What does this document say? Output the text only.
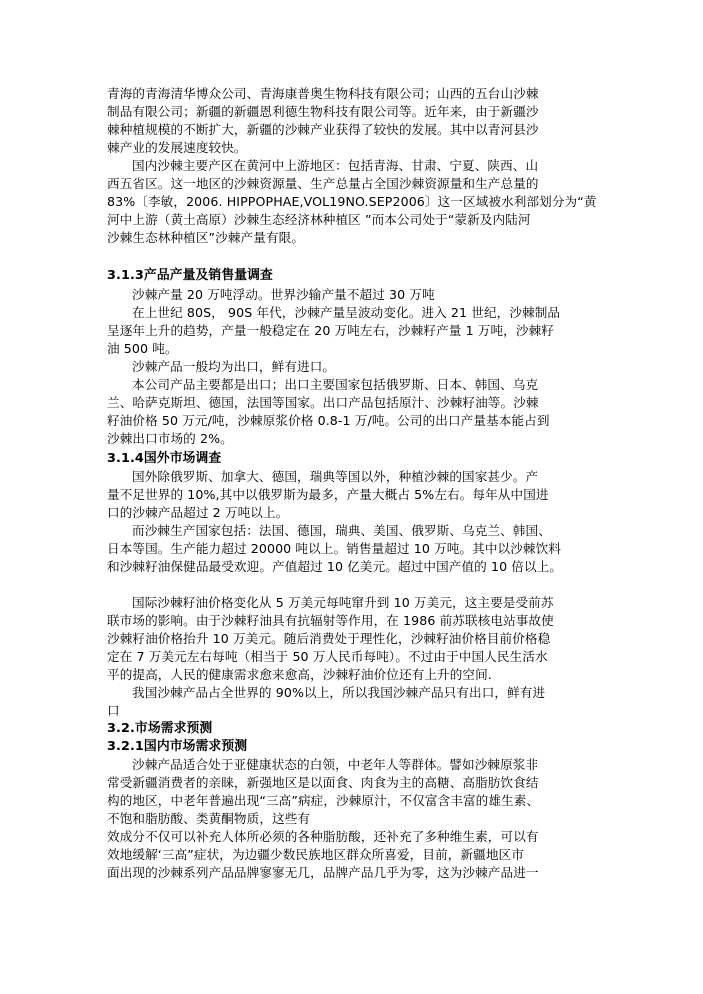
青海的青海清华博众公司、青海康普奥生物科技有限公司；山西的五台山沙棘
制品有限公司；新疆的新疆恩利德生物科技有限公司等。近年来，由于新疆沙
棘种植规模的不断扩大，新疆的沙棘产业获得了较快的发展。其中以青河县沙
棘产业的发展速度较快。
国内沙棘主要产区在黄河中上游地区：包括青海、甘肃、宁夏、陕西、山
西五省区。这一地区的沙棘资源量、生产总量占全国沙棘资源量和生产总量的
83%〔李敏，2006. HIPPOPHAE,VOL19NO.SEP2006〕这一区域被水利部划分为“黄
河中上游（黄土高原）沙棘生态经济林种植区 ”而本公司处于“蒙新及内陆河
沙棘生态林种植区”沙棘产量有限。
3.1.3产品产量及销售量调查
沙棘产量 20 万吨浮动。世界沙输产量不超过 30 万吨
在上世纪 80S， 90S 年代，沙棘产量呈波动变化。进入 21 世纪，沙棘制品
呈逐年上升的趋势，产量一般稳定在 20 万吨左右，沙棘籽产量 1 万吨，沙棘籽
油 500 吨。
沙棘产品一般均为出口，鲜有进口。
本公司产品主要都是出口；出口主要国家包括俄罗斯、日本、韩国、乌克
兰、哈萨克斯坦、德国，法国等国家。出口产品包括原汁、沙棘籽油等。沙棘
籽油价格 50 万元/吨，沙棘原浆价格 0.8-1 万/吨。公司的出口产量基本能占到
沙棘出口市场的 2%。
3.1.4国外市场调查
国外除俄罗斯、加拿大、德国，瑞典等国以外，种植沙棘的国家甚少。产
量不足世界的 10%,其中以俄罗斯为最多，产量大概占 5%左右。每年从中国进
口的沙棘产品超过 2 万吨以上。
而沙棘生产国家包括：法国、德国，瑞典、美国、俄罗斯、乌克兰、韩国、
日本等国。生产能力超过 20000 吨以上。销售量超过 10 万吨。其中以沙棘饮料
和沙棘籽油保健品最受欢迎。产值超过 10 亿美元。超过中国产值的 10 倍以上。
国际沙棘籽油价格变化从 5 万美元每吨窜升到 10 万美元，这主要是受前苏
联市场的影响。由于沙棘籽油具有抗辐射等作用，在 1986 前苏联核电站事故使
沙棘籽油价格抬升 10 万美元。随后消费处于理性化，沙棘籽油价格目前价格稳
定在 7 万美元左右每吨（相当于 50 万人民币每吨）。不过由于中国人民生活水
平的提高，人民的健康需求愈来愈高，沙棘籽油价位还有上升的空间.
我国沙棘产品占全世界的 90%以上，所以我国沙棘产品只有出口，鲜有进
口
3.2.市场需求预测
3.2.1国内市场需求预测
沙棘产品适合处于亚健康状态的白领，中老年人等群体。譬如沙棘原浆非
常受新疆消费者的亲睐，新强地区是以面食、肉食为主的高糖、高脂肪饮食结
构的地区，中老年普遍出现“三高”病症，沙棘原汁，不仅富含丰富的雄生素、
不饱和脂肪酸、类黄酮物质，这些有
效成分不仅可以补充人体所必须的各种脂肪酸，还补充了多种维生素，可以有
效地缓解‘三高”症状，为边疆少数民族地区群众所喜爱，目前，新疆地区市
面出现的沙棘系列产品品牌寥寥无几，品牌产品几乎为零，这为沙棘产品进一
